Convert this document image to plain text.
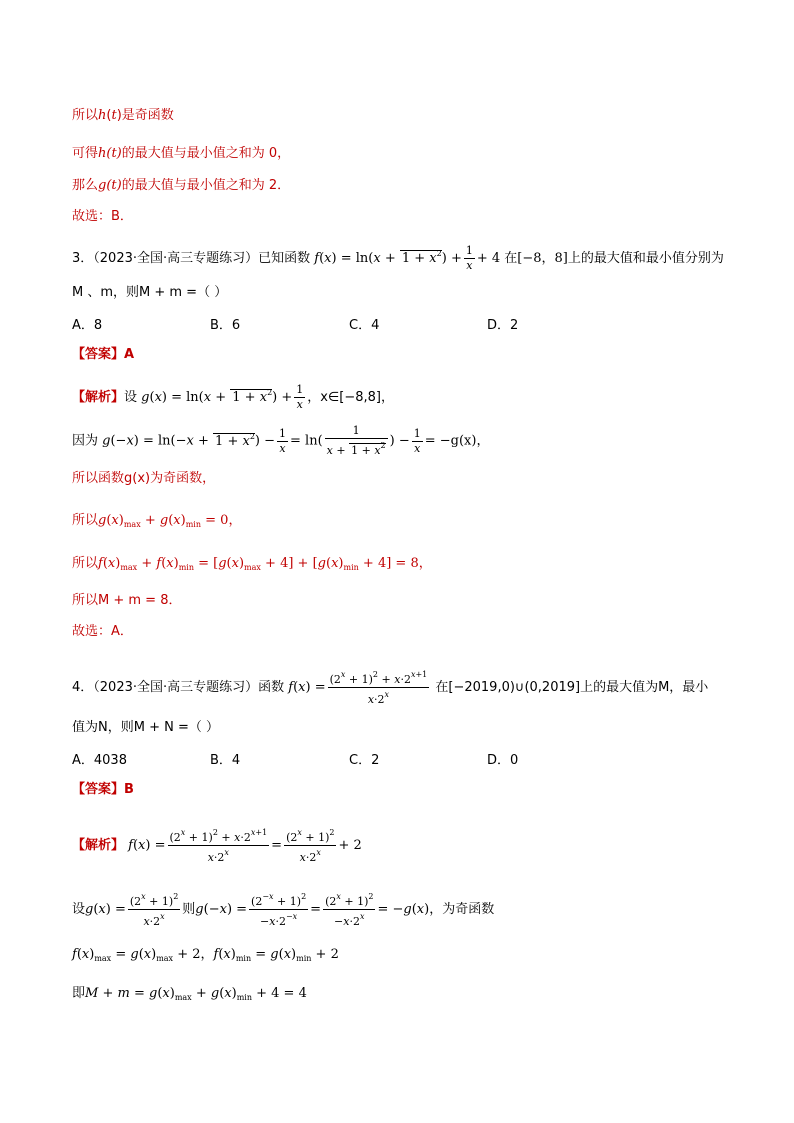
所以h(t)是奇函数
可得h(t)的最大值与最小值之和为 0，
那么g(t)的最大值与最小值之和为 2．
故选：B．
3．（2023·全国·高三专题练习）已知函数 $f(x) = \ln(x + 1 + x^2) + \frac{1}{x} + 4$ 在[−8，8]上的最大值和最小值分别为
M 、m，则M + m =（ ）
A．8	B．6	C．4	D．2
【答案】A
【解析】设 $g(x) = \ln(x + 1 + x^2) + \frac{1}{x}$ ，x∈[−8,8]，
因为 $g(-x) = \ln(-x + 1 + x^2) - \frac{1}{x} = \ln( \frac{1}{x + 1 + x^2}$ ) − $\frac{1}{x} = -g(x)$，
所以函数g(x)为奇函数，
所以$g(x)_{max} + g(x)_{min} = 0$，
所以$f(x)_{max} + f(x)_{min} = [g(x)_{max} + 4] + [g(x)_{min} + 4] = 8$，
所以M + m = 8．
故选：A．
4．（2023·全国·高三专题练习）函数 $f(x) = \frac{(2^x + 1)^2 + x\cdot 2^{x+1}}{x\cdot 2^x}$ 在[−2019,0)∪(0,2019]上的最大值为M，最小
值为N，则M + N =（ ）
A．4038	B．4	C．2	D．0
【答案】B
【解析】 $f(x) = \frac{(2^x + 1)^2 + x\cdot 2^{x+1}}{x\cdot 2^x} = \frac{(2^x + 1)^2}{x\cdot 2^x} + 2$
设$g(x) = \frac{(2^x + 1)^2}{x\cdot 2^x}$ 则$g(-x) = \frac{(2^{-x} + 1)^2}{-x\cdot 2^{-x}} = \frac{(2^x + 1)^2}{-x\cdot 2^x} = -g(x)$，为奇函数
$f(x)_{max} = g(x)_{max} + 2$，$f(x)_{min} = g(x)_{min} + 2$
即$M + m = g(x)_{max} + g(x)_{min} + 4 = 4$
